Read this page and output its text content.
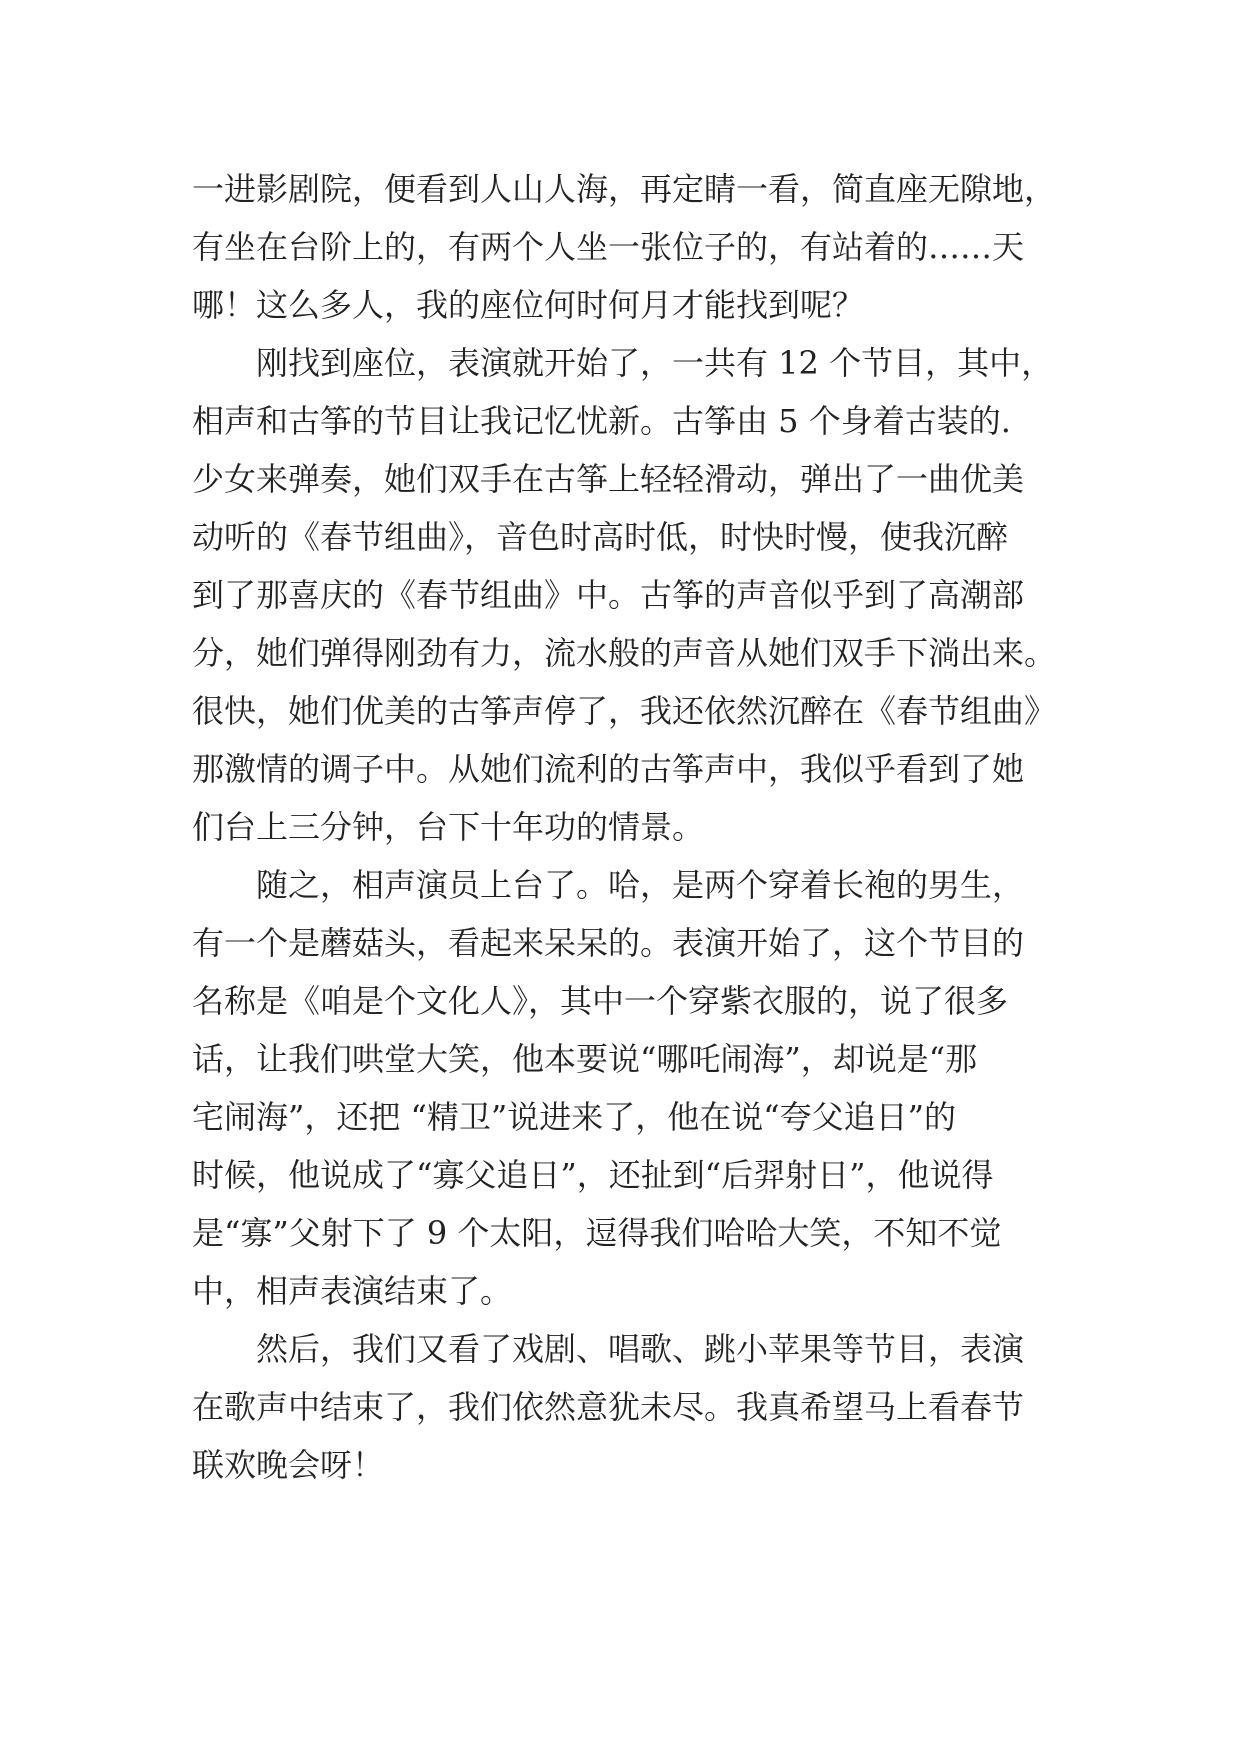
一进影剧院，便看到人山人海，再定睛一看，简直座无隙地，
有坐在台阶上的，有两个人坐一张位子的，有站着的……天
哪！这么多人，我的座位何时何月才能找到呢？
刚找到座位，表演就开始了，一共有 12 个节目，其中，
相声和古筝的节目让我记忆忧新。古筝由 5 个身着古装的.
少女来弹奏，她们双手在古筝上轻轻滑动，弹出了一曲优美
动听的《春节组曲》，音色时高时低，时快时慢，使我沉醉
到了那喜庆的《春节组曲》中。古筝的声音似乎到了高潮部
分，她们弹得刚劲有力，流水般的声音从她们双手下淌出来。
很快，她们优美的古筝声停了，我还依然沉醉在《春节组曲》
那激情的调子中。从她们流利的古筝声中，我似乎看到了她
们台上三分钟，台下十年功的情景。
随之，相声演员上台了。哈，是两个穿着长袍的男生，
有一个是蘑菇头，看起来呆呆的。表演开始了，这个节目的
名称是《咱是个文化人》，其中一个穿紫衣服的，说了很多
话，让我们哄堂大笑，他本要说“哪吒闹海”，却说是“那
宅闹海”，还把 “精卫”说进来了，他在说“夸父追日”的
时候，他说成了“寡父追日”，还扯到“后羿射日”，他说得
是“寡”父射下了 9 个太阳，逗得我们哈哈大笑，不知不觉
中，相声表演结束了。
然后，我们又看了戏剧、唱歌、跳小苹果等节目，表演
在歌声中结束了，我们依然意犹未尽。我真希望马上看春节
联欢晚会呀！
